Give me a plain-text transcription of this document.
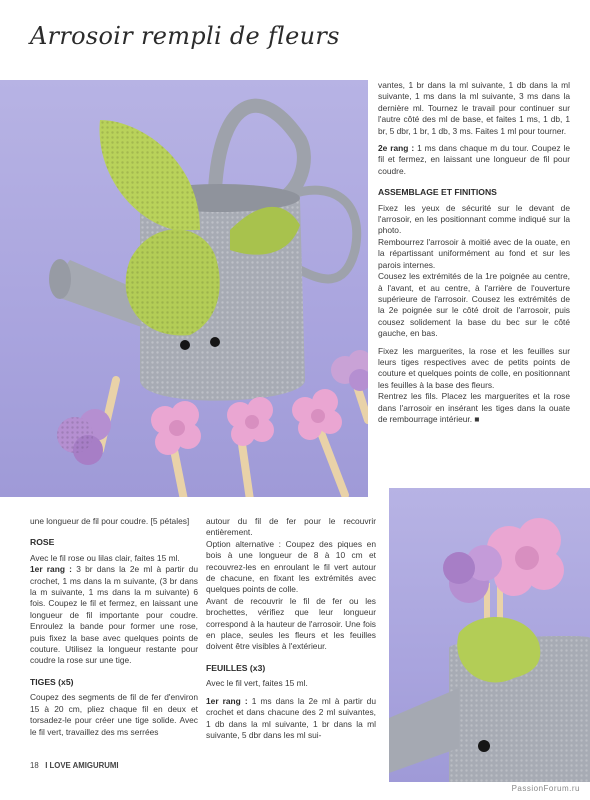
Arrosoir rempli de fleurs

vantes, 1 br dans la ml suivante, 1 db dans la ml suivante, 1 ms dans la ml suivante, 3 ms dans la dernière ml. Tournez le travail pour continuer sur l'autre côté des ml de base, et faites 1 ms, 1 db, 1 br, 5 dbr, 1 br, 1 db, 3 ms. Faites 1 ml pour tourner.

2e rang : 1 ms dans chaque m du tour. Coupez le fil et fermez, en laissant une longueur de fil pour coudre.

ASSEMBLAGE ET FINITIONS

Fixez les yeux de sécurité sur le devant de l'arrosoir, en les positionnant comme indiqué sur la photo.

Rembourrez l'arrosoir à moitié avec de la ouate, en la répartissant uniformément au fond et sur les parois internes.

Cousez les extrémités de la 1re poignée au centre, à l'avant, et au centre, à l'arrière de l'ouverture supérieure de l'arrosoir. Cousez les extrémités de la 2e poignée sur le côté droit de l'arrosoir, puis cousez solidement la base du bec sur le côté gauche, en bas.

Fixez les marguerites, la rose et les feuilles sur leurs tiges respectives avec de petits points de couture et quelques points de colle, en positionnant les feuilles à la base des fleurs.

Rentrez les fils. Placez les marguerites et la rose dans l'arrosoir en insérant les tiges dans la ouate de rembourrage intérieur. ■

une longueur de fil pour coudre. [5 pétales]

ROSE

Avec le fil rose ou lilas clair, faites 15 ml.

1er rang : 3 br dans la 2e ml à partir du crochet, 1 ms dans la m suivante, (3 br dans la m suivante, 1 ms dans la m suivante) 6 fois. Coupez le fil et fermez, en laissant une longueur de fil importante pour coudre. Enroulez la bande pour former une rose, puis fixez la base avec quelques points de couture. Utilisez la longueur restante pour coudre la rose sur une tige.

TIGES (x5)

Coupez des segments de fil de fer d'environ 15 à 20 cm, pliez chaque fil en deux et torsadez-le pour créer une tige solide. Avec le fil vert, travaillez des ms serrées

autour du fil de fer pour le recouvrir entièrement.

Option alternative : Coupez des piques en bois à une longueur de 8 à 10 cm et recouvrez-les en enroulant le fil vert autour de chacune, en fixant les extrémités avec quelques points de colle.

Avant de recouvrir le fil de fer ou les brochettes, vérifiez que leur longueur correspond à la hauteur de l'arrosoir. Une fois en place, seules les fleurs et les feuilles doivent être visibles à l'extérieur.

FEUILLES (x3)

Avec le fil vert, faites 15 ml.

1er rang : 1 ms dans la 2e ml à partir du crochet et dans chacune des 2 ml suivantes, 1 db dans la ml suivante, 1 br dans la ml suivante, 5 dbr dans les ml sui-

18 I LOVE AMIGURUMI
PassionForum.ru
